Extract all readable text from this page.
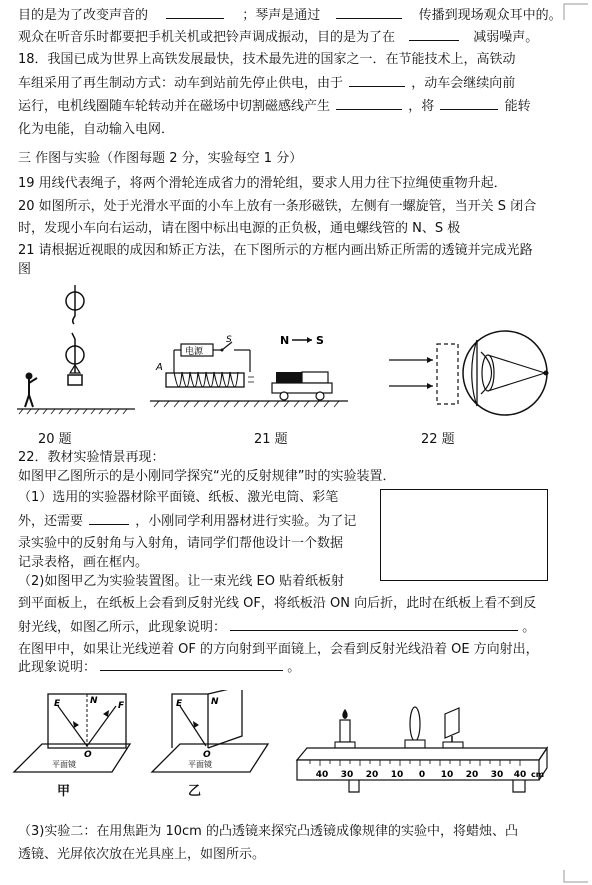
目的是为了改变声音的	；琴声是通过	传播到现场观众耳中的。
观众在听音乐时都要把手机关机或把铃声调成振动，目的是为了在	减弱噪声。
18．我国已成为世界上高铁发展最快，技术最先进的国家之一．在节能技术上，高铁动
车组采用了再生制动方式：动车到站前先停止供电，由于	，动车会继续向前
运行，电机线圈随车轮转动并在磁场中切割磁感线产生	，将	能转
化为电能，自动输入电网．
三 作图与实验（作图每题 2 分，实验每空 1 分）
19 用线代表绳子，将两个滑轮连成省力的滑轮组，要求人用力往下拉绳使重物升起．
20 如图所示，处于光滑水平面的小车上放有一条形磁铁，左侧有一螺旋管，当开关 S 闭合
时，发现小车向右运动，请在图中标出电源的正负极，通电螺线管的 N、S 极
21 请根据近视眼的成因和矫正方法，在下图所示的方框内画出矫正所需的透镜并完成光路
图
电源
S
A
N S
20 题	21 题	22 题
22．教材实验情景再现：
如图甲乙图所示的是小刚同学探究“光的反射规律”时的实验装置．
（1）选用的实验器材除平面镜、纸板、激光电筒、彩笔
外，还需要	，小刚同学利用器材进行实验。为了记
录实验中的反射角与入射角，请同学们帮他设计一个数据
记录表格，画在框内。
（2)如图甲乙为实验装置图。让一束光线 EO 贴着纸板射
到平面板上，在纸板上会看到反射光线 OF，将纸板沿 ON 向后折，此时在纸板上看不到反
射光线，如图乙所示，此现象说明：	。
在图甲中，如果让光线逆着 OF 的方向射到平面镜上，会看到反射光线沿着 OE 方向射出，
此现象说明：	。
E	N F
O
平面镜
甲
E	N
O
平面镜
乙
40 30 20 10 0 10 20 30 40 cm
（3)实验二：在用焦距为 10cm 的凸透镜来探究凸透镜成像规律的实验中，将蜡烛、凸
透镜、光屏依次放在光具座上，如图所示。
